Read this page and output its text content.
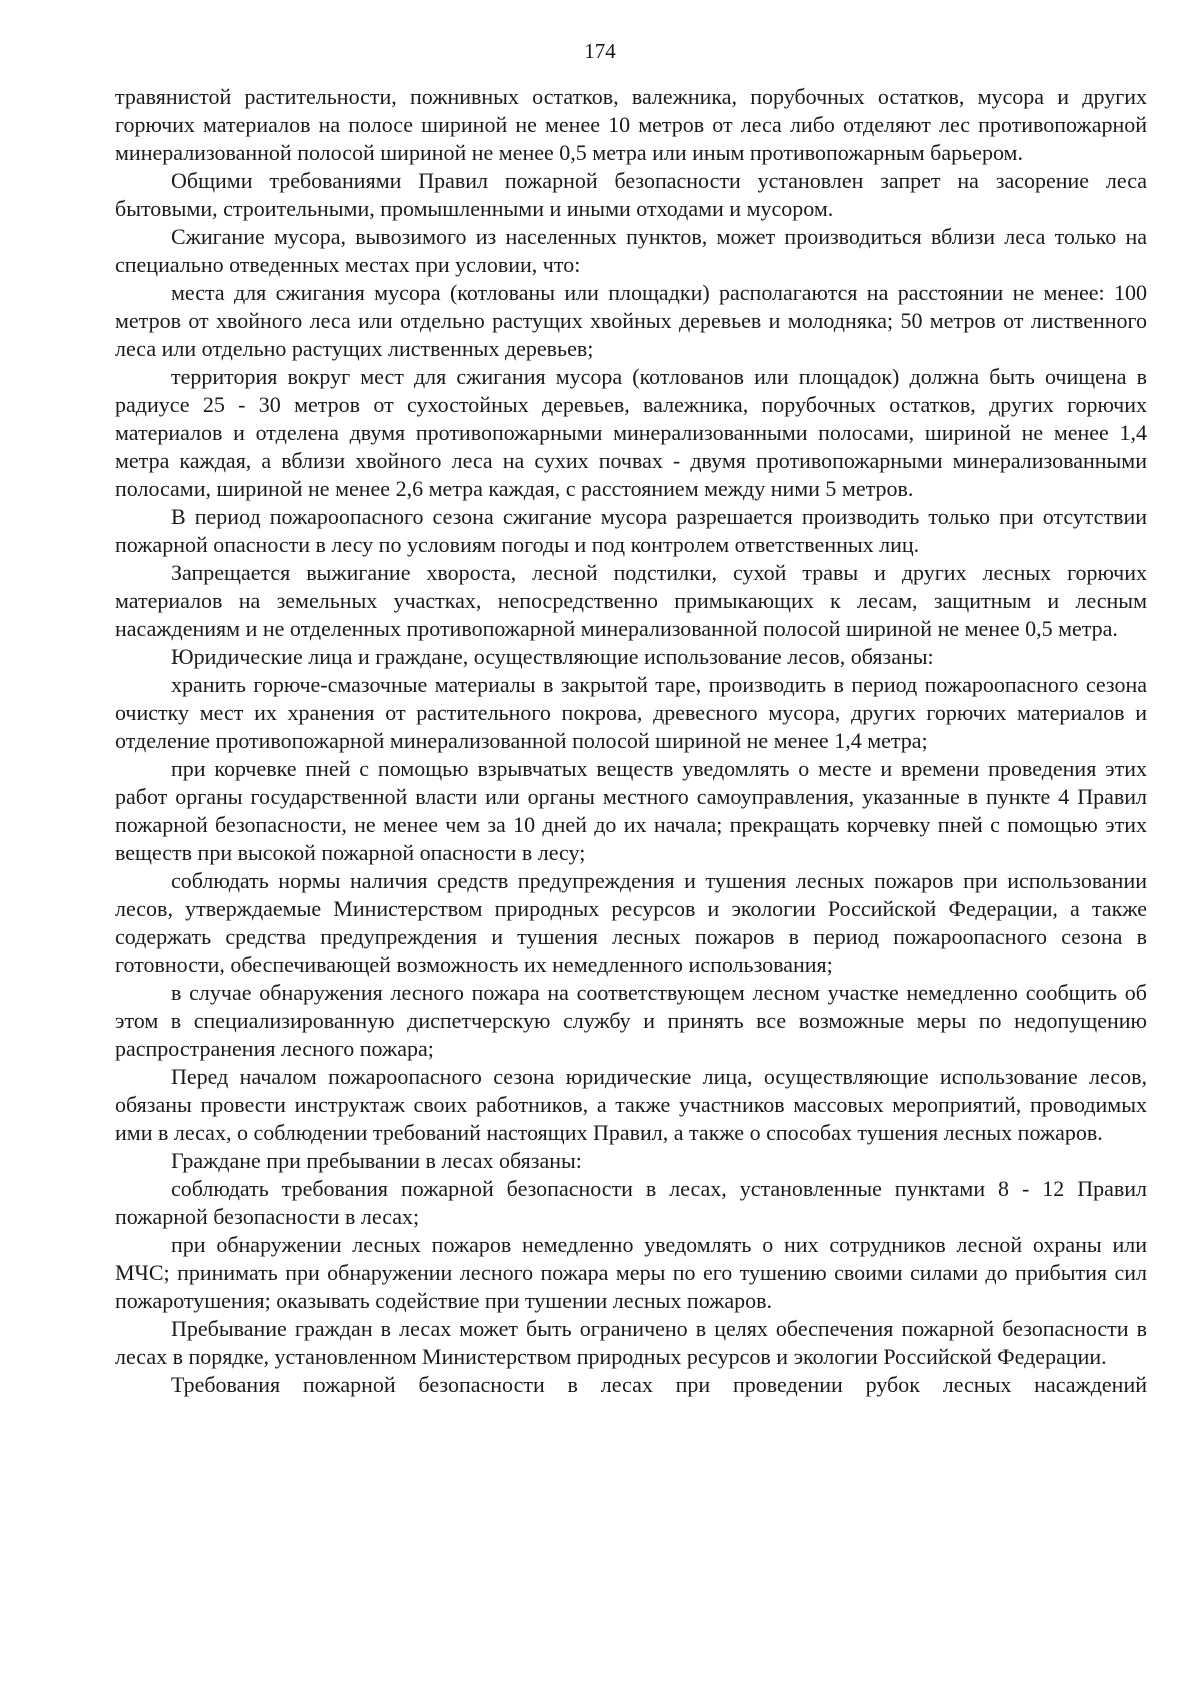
174

травянистой растительности, пожнивных остатков, валежника, порубочных остатков, мусора и других горючих материалов на полосе шириной не менее 10 метров от леса либо отделяют лес противопожарной минерализованной полосой шириной не менее 0,5 метра или иным противопожарным барьером.

Общими требованиями Правил пожарной безопасности установлен запрет на засорение леса бытовыми, строительными, промышленными и иными отходами и мусором.

Сжигание мусора, вывозимого из населенных пунктов, может производиться вблизи леса только на специально отведенных местах при условии, что:

места для сжигания мусора (котлованы или площадки) располагаются на расстоянии не менее: 100 метров от хвойного леса или отдельно растущих хвойных деревьев и молодняка; 50 метров от лиственного леса или отдельно растущих лиственных деревьев;

территория вокруг мест для сжигания мусора (котлованов или площадок) должна быть очищена в радиусе 25 - 30 метров от сухостойных деревьев, валежника, порубочных остатков, других горючих материалов и отделена двумя противопожарными минерализованными полосами, шириной не менее 1,4 метра каждая, а вблизи хвойного леса на сухих почвах - двумя противопожарными минерализованными полосами, шириной не менее 2,6 метра каждая, с расстоянием между ними 5 метров.

В период пожароопасного сезона сжигание мусора разрешается производить только при отсутствии пожарной опасности в лесу по условиям погоды и под контролем ответственных лиц.

Запрещается выжигание хвороста, лесной подстилки, сухой травы и других лесных горючих материалов на земельных участках, непосредственно примыкающих к лесам, защитным и лесным насаждениям и не отделенных противопожарной минерализованной полосой шириной не менее 0,5 метра.

Юридические лица и граждане, осуществляющие использование лесов, обязаны:

хранить горюче-смазочные материалы в закрытой таре, производить в период пожароопасного сезона очистку мест их хранения от растительного покрова, древесного мусора, других горючих материалов и отделение противопожарной минерализованной полосой шириной не менее 1,4 метра;

при корчевке пней с помощью взрывчатых веществ уведомлять о месте и времени проведения этих работ органы государственной власти или органы местного самоуправления, указанные в пункте 4 Правил пожарной безопасности, не менее чем за 10 дней до их начала; прекращать корчевку пней с помощью этих веществ при высокой пожарной опасности в лесу;

соблюдать нормы наличия средств предупреждения и тушения лесных пожаров при использовании лесов, утверждаемые Министерством природных ресурсов и экологии Российской Федерации, а также содержать средства предупреждения и тушения лесных пожаров в период пожароопасного сезона в готовности, обеспечивающей возможность их немедленного использования;

в случае обнаружения лесного пожара на соответствующем лесном участке немедленно сообщить об этом в специализированную диспетчерскую службу и принять все возможные меры по недопущению распространения лесного пожара;

Перед началом пожароопасного сезона юридические лица, осуществляющие использование лесов, обязаны провести инструктаж своих работников, а также участников массовых мероприятий, проводимых ими в лесах, о соблюдении требований настоящих Правил, а также о способах тушения лесных пожаров.

Граждане при пребывании в лесах обязаны:

соблюдать требования пожарной безопасности в лесах, установленные пунктами 8 - 12 Правил пожарной безопасности в лесах;

при обнаружении лесных пожаров немедленно уведомлять о них сотрудников лесной охраны или МЧС; принимать при обнаружении лесного пожара меры по его тушению своими силами до прибытия сил пожаротушения; оказывать содействие при тушении лесных пожаров.

Пребывание граждан в лесах может быть ограничено в целях обеспечения пожарной безопасности в лесах в порядке, установленном Министерством природных ресурсов и экологии Российской Федерации.

Требования пожарной безопасности в лесах при проведении рубок лесных насаждений
